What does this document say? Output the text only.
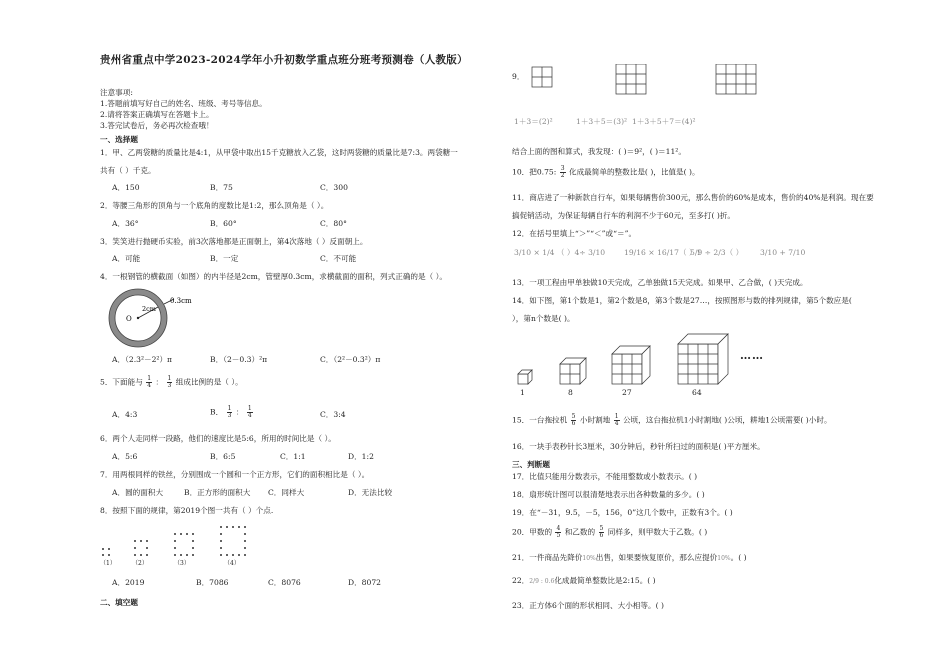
贵州省重点中学2023-2024学年小升初数学重点班分班考预测卷（人教版）
注意事项:
1.答题前填写好自己的姓名、班级、考号等信息。
2.请将答案正确填写在答题卡上。
3.答完试卷后，务必再次检查哦！
一、选择题
1．甲、乙两袋糖的质量比是4:1，从甲袋中取出15千克糖放入乙袋，这时两袋糖的质量比是7:3。两袋糖一
共有（ ）千克。
A．150	B．75	C．300
2．等腰三角形的顶角与一个底角的度数比是1:2，那么顶角是（ ）。
A．36°	B．60°	C．80°
3．笑笑进行抛硬币实验，前3次落地都是正面朝上，第4次落地（ ）反面朝上。
A．可能	B．一定	C．不可能
4．一根钢管的横截面（如图）的内半径是2cm，管壁厚0.3cm，求横截面的面积，列式正确的是（ ）。
O
2cm
0.3cm
A．（2.3²－2²）π	B．（2－0.3）²π	C．（2²－0.3²）π
5．下面能与 $\frac{1}{4}$ ： $\frac{1}{3}$ 组成比例的是（ ）。
A．4:3	B． $\frac{1}{3}$ ： $\frac{1}{4}$	C．3:4
6．两个人走同样一段路，他们的速度比是5:6，所用的时间比是（ ）。
A．5:6	B．6:5	C．1:1	D．1:2
7．用两根同样的铁丝，分别围成一个圆和一个正方形，它们的面积相比是（ ）。
A．圆的面积大	B．正方形的面积大 C．同样大	D．无法比较
8．按照下面的规律，第2019个图一共有（ ）个点.
（1）	（2）	（3）	（4）
A．2019	B．7086	C．8076	D．8072
二、填空题
9．
1＋3＝(2)²	1＋3＋5＝(3)² 1＋3＋5＋7＝(4)²
结合上面的图和算式，我发现：( )＝9²，( )＝11²。
10．把0.75: $\frac{3}{2}$ 化成最简单的整数比是( )，比值是( )。
11．商店进了一种新款自行车，如果每辆售价300元，那么售价的60%是成本，售价的40%是利润。现在要
搞促销活动，为保证每辆自行车的利润不少于60元，至多打( )折。
12．在括号里填上“＞”“＜”或“＝”。
3/10 × 1/4 （ ）4÷ 3/10 19/16 × 16/17（ ）1
5/9 ÷ 2/3（ ） 3/10 + 7/10
13．一项工程由甲单独做10天完成，乙单独做15天完成。如果甲、乙合做，( )天完成。
14．如下图，第1个数是1，第2个数是8，第3个数是27…，按照图形与数的排列规律，第5个数应是(
），第n个数是( )。
……
1	8	27	64
15．一台拖拉机 $\frac{5}{6}$ 小时割地 $\frac{1}{4}$ 公顷，这台拖拉机1小时割地( )公顷，耕地1公顷需要( )小时。
16．一块手表秒针长3厘米，30分钟后，秒针所扫过的面积是( )平方厘米。
三、判断题
17．比值只能用分数表示，不能用整数或小数表示。( )
18．扇形统计图可以很清楚地表示出各种数量的多少。( )
19．在“－31，9.5，－5，156，0”这几个数中，正数有3个。( )
20．甲数的 $\frac{4}{5}$ 和乙数的 $\frac{5}{6}$ 同样多，则甲数大于乙数。( )
21．一件商品先降价10%出售，如果要恢复原价，那么应提价10%。( )
22．2/9 : 0.6化成最简单整数比是2:15。( )
23．正方体6个面的形状相同、大小相等。( )
